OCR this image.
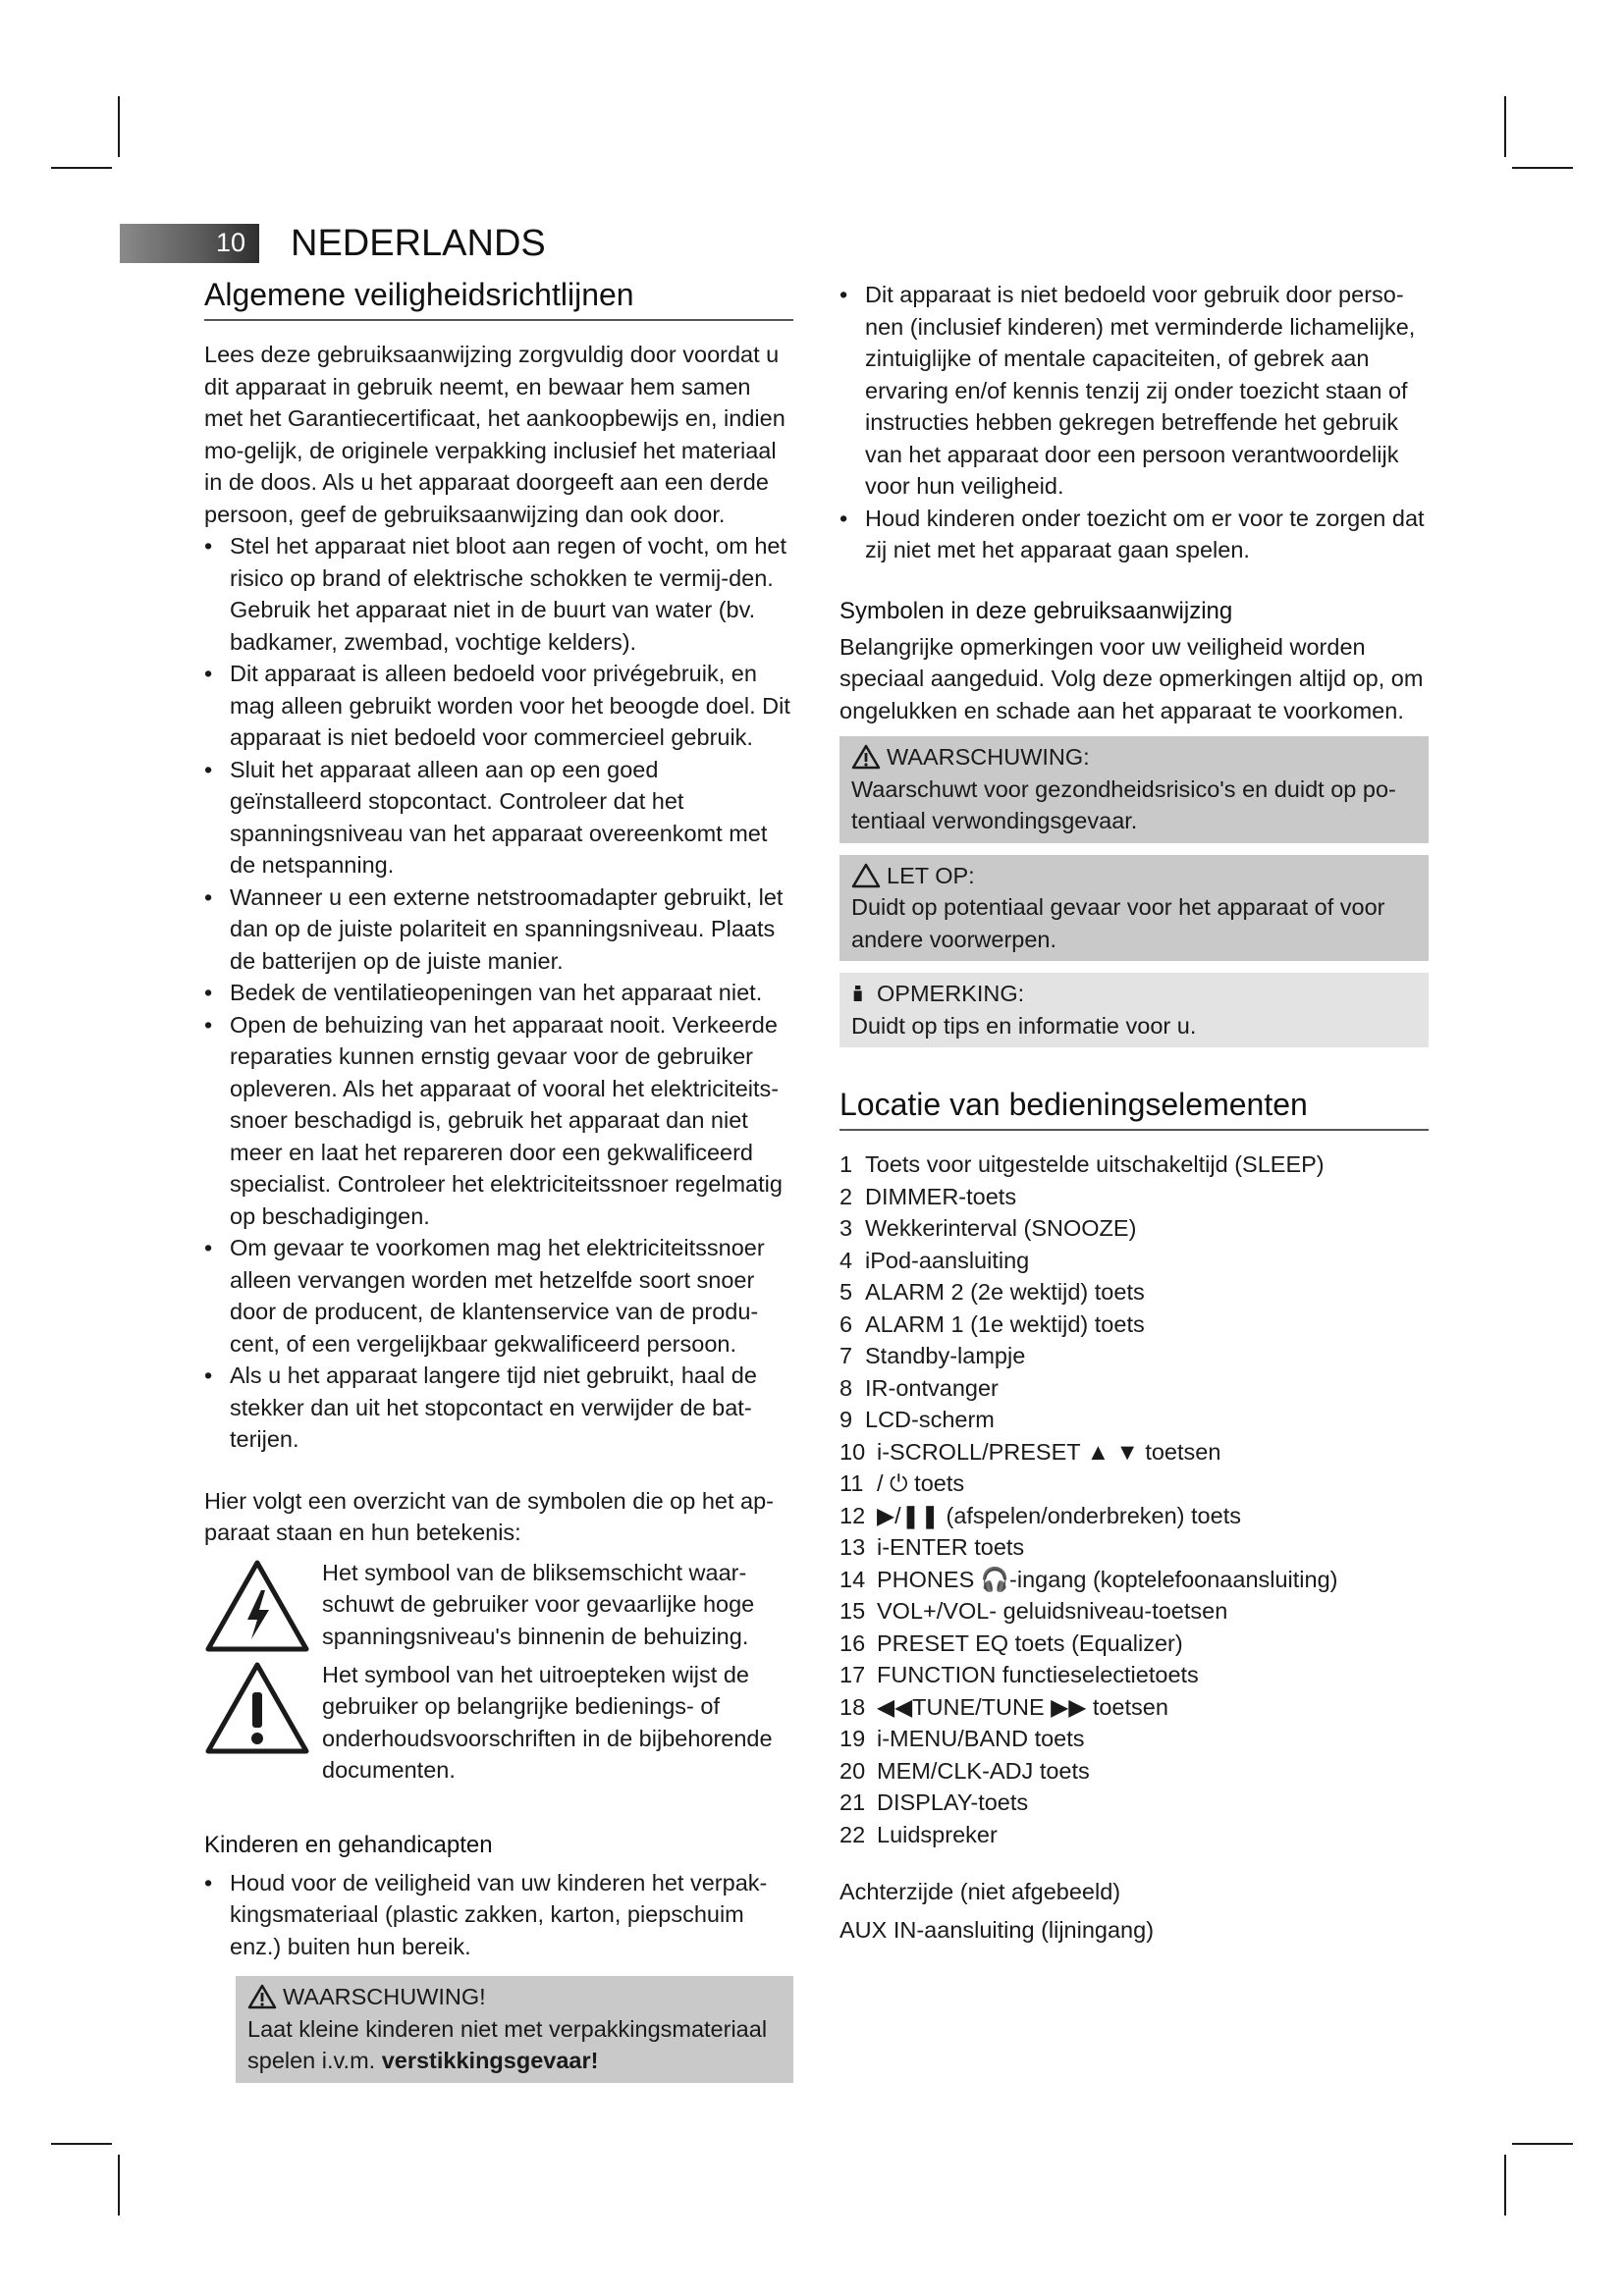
10 NEDERLANDS
Algemene veiligheidsrichtlijnen

Lees deze gebruiksaanwijzing zorgvuldig door voordat u dit apparaat in gebruik neemt, en bewaar hem samen met het Garantiecertificaat, het aankoopbewijs en, indien mo-gelijk, de originele verpakking inclusief het materiaal in de doos. Als u het apparaat doorgeeft aan een derde persoon, geef de gebruiksaanwijzing dan ook door.

• Stel het apparaat niet bloot aan regen of vocht, om het risico op brand of elektrische schokken te vermij-den. Gebruik het apparaat niet in de buurt van water (bv. badkamer, zwembad, vochtige kelders).
• Dit apparaat is alleen bedoeld voor privégebruik, en mag alleen gebruikt worden voor het beoogde doel. Dit apparaat is niet bedoeld voor commercieel gebruik.
• Sluit het apparaat alleen aan op een goed geïnstalleerd stopcontact. Controleer dat het spanningsniveau van het apparaat overeenkomt met de netspanning.
• Wanneer u een externe netstroomadapter gebruikt, let dan op de juiste polariteit en spanningsniveau. Plaats de batterijen op de juiste manier.
• Bedek de ventilatieopeningen van het apparaat niet.
• Open de behuizing van het apparaat nooit. Verkeerde reparaties kunnen ernstig gevaar voor de gebruiker opleveren. Als het apparaat of vooral het elektriciteits-snoer beschadigd is, gebruik het apparaat dan niet meer en laat het repareren door een gekwalificeerd specialist. Controleer het elektriciteitssnoer regelmatig op beschadigingen.
• Om gevaar te voorkomen mag het elektriciteitssnoer alleen vervangen worden met hetzelfde soort snoer door de producent, de klantenservice van de produ-cent, of een vergelijkbaar gekwalificeerd persoon.
• Als u het apparaat langere tijd niet gebruikt, haal de stekker dan uit het stopcontact en verwijder de bat-terijen.

Hier volgt een overzicht van de symbolen die op het ap-paraat staan en hun betekenis:

Het symbool van de bliksemschicht waar-schuwt de gebruiker voor gevaarlijke hoge spanningsniveau's binnenin de behuizing.
Het symbool van het uitroepteken wijst de gebruiker op belangrijke bedienings- of onderhoudsvoorschriften in de bijbehorende documenten.
Kinderen en gehandicapten
• Houd voor de veiligheid van uw kinderen het verpak-kingsmateriaal (plastic zakken, karton, piepschuim enz.) buiten hun bereik.
WAARSCHUWING!
Laat kleine kinderen niet met verpakkingsmateriaal spelen i.v.m. verstikkingsgevaar!
• Dit apparaat is niet bedoeld voor gebruik door perso-nen (inclusief kinderen) met verminderde lichamelijke, zintuiglijke of mentale capaciteiten, of gebrek aan ervaring en/of kennis tenzij zij onder toezicht staan of instructies hebben gekregen betreffende het gebruik van het apparaat door een persoon verantwoordelijk voor hun veiligheid.
• Houd kinderen onder toezicht om er voor te zorgen dat zij niet met het apparaat gaan spelen.
Symbolen in deze gebruiksaanwijzing

Belangrijke opmerkingen voor uw veiligheid worden speciaal aangeduid. Volg deze opmerkingen altijd op, om ongelukken en schade aan het apparaat te voorkomen.

WAARSCHUWING:
Waarschuwt voor gezondheidsrisico's en duidt op po-tentiaal verwondingsgevaar.
LET OP:
Duidt op potentiaal gevaar voor het apparaat of voor andere voorwerpen.
OPMERKING:
Duidt op tips en informatie voor u.
Locatie van bedieningselementen
1 Toets voor uitgestelde uitschakeltijd (SLEEP)
2 DIMMER-toets
3 Wekkerinterval (SNOOZE)
4 iPod-aansluiting
5 ALARM 2 (2e wektijd) toets
6 ALARM 1 (1e wektijd) toets
7 Standby-lampje
8 IR-ontvanger
9 LCD-scherm
10 i-SCROLL/PRESET ▲ ▼ toetsen
11 / ⏻ toets
12 ▶/❚❚ (afspelen/onderbreken) toets
13 i-ENTER toets
14 PHONES 🎧-ingang (koptelefoonaansluiting)
15 VOL+/VOL- geluidsniveau-toetsen
16 PRESET EQ toets (Equalizer)
17 FUNCTION functieselectietoets
18 ◀◀TUNE/TUNE ▶▶ toetsen
19 i-MENU/BAND toets
20 MEM/CLK-ADJ toets
21 DISPLAY-toets
22 Luidspreker

Achterzijde (niet afgebeeld)

AUX IN-aansluiting (lijningang)
